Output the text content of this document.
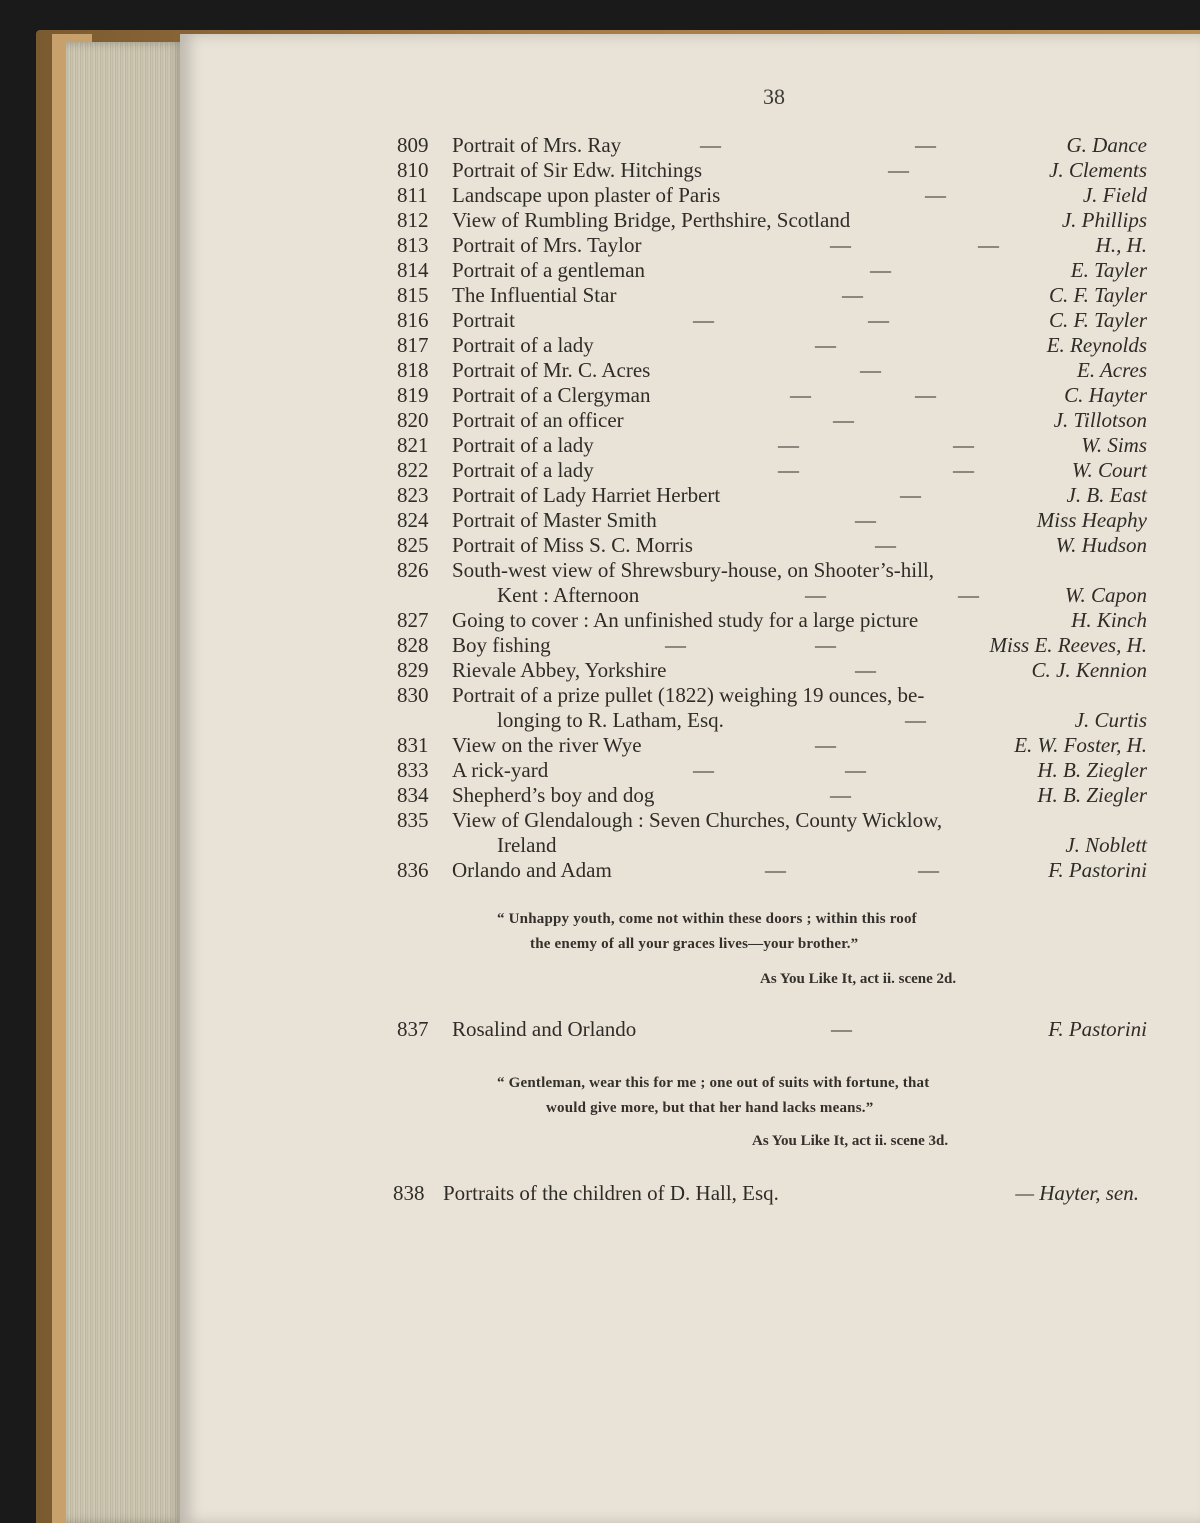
38
809 Portrait of Mrs. Ray	—	—	G. Dance
810 Portrait of Sir Edw. Hitchings	—	J. Clements
811 Landscape upon plaster of Paris	—	J. Field
812 View of Rumbling Bridge, Perthshire, Scotland	J. Phillips
813 Portrait of Mrs. Taylor	—	—	H., H.
814 Portrait of a gentleman	—	E. Tayler
815 The Influential Star	—	C. F. Tayler
816 Portrait	—	—	C. F. Tayler
817 Portrait of a lady	—	E. Reynolds
818 Portrait of Mr. C. Acres	—	E. Acres
819 Portrait of a Clergyman	—	—	C. Hayter
820 Portrait of an officer	—	J. Tillotson
821 Portrait of a lady	—	—	W. Sims
822 Portrait of a lady	—	—	W. Court
823 Portrait of Lady Harriet Herbert	—	J. B. East
824 Portrait of Master Smith	—	Miss Heaphy
825 Portrait of Miss S. C. Morris	—	W. Hudson
826 South-west view of Shrewsbury-house, on Shooter’s-hill,
Kent : Afternoon	—	—	W. Capon
827 Going to cover : An unfinished study for a large picture	H. Kinch
828 Boy fishing	—	—	Miss E. Reeves, H.
829 Rievale Abbey, Yorkshire	—	C. J. Kennion
830 Portrait of a prize pullet (1822) weighing 19 ounces, be-
longing to R. Latham, Esq.	—	J. Curtis
831 View on the river Wye	—	E. W. Foster, H.
833 A rick-yard	—	—	H. B. Ziegler
834 Shepherd’s boy and dog	—	H. B. Ziegler
835 View of Glendalough : Seven Churches, County Wicklow,
Ireland	J. Noblett
836 Orlando and Adam	—	—	F. Pastorini
“ Unhappy youth, come not within these doors ; within this roof
the enemy of all your graces lives—your brother.”
As You Like It, act ii. scene 2d.
837 Rosalind and Orlando	—	F. Pastorini
“ Gentleman, wear this for me ; one out of suits with fortune, that
would give more, but that her hand lacks means.”
As You Like It, act ii. scene 3d.
838 Portraits of the children of D. Hall, Esq.	— Hayter, sen.
